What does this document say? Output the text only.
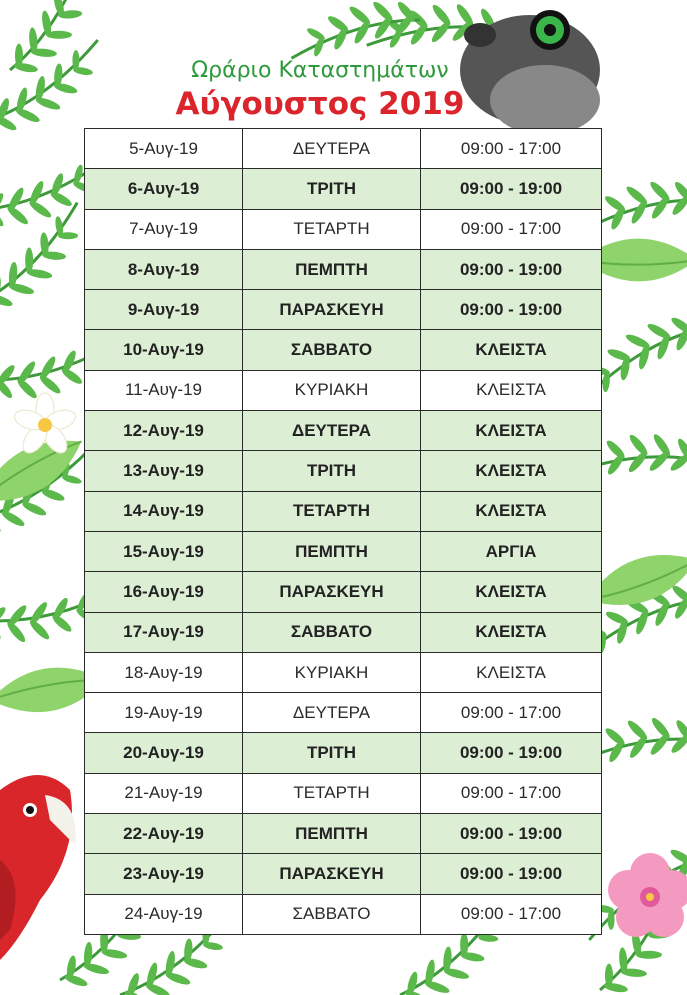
Ωράριο Καταστημάτων
Αύγουστος 2019
5-Αυγ-19	ΔΕΥΤΕΡΑ	09:00 - 17:00
6-Αυγ-19	ΤΡΙΤΗ	09:00 - 19:00
7-Αυγ-19	ΤΕΤΑΡΤΗ	09:00 - 17:00
8-Αυγ-19	ΠΕΜΠΤΗ	09:00 - 19:00
9-Αυγ-19	ΠΑΡΑΣΚΕΥΗ	09:00 - 19:00
10-Αυγ-19	ΣΑΒΒΑΤΟ	ΚΛΕΙΣΤΑ
11-Αυγ-19	ΚΥΡΙΑΚΗ	ΚΛΕΙΣΤΑ
12-Αυγ-19	ΔΕΥΤΕΡΑ	ΚΛΕΙΣΤΑ
13-Αυγ-19	ΤΡΙΤΗ	ΚΛΕΙΣΤΑ
14-Αυγ-19	ΤΕΤΑΡΤΗ	ΚΛΕΙΣΤΑ
15-Αυγ-19	ΠΕΜΠΤΗ	ΑΡΓΙΑ
16-Αυγ-19	ΠΑΡΑΣΚΕΥΗ	ΚΛΕΙΣΤΑ
17-Αυγ-19	ΣΑΒΒΑΤΟ	ΚΛΕΙΣΤΑ
18-Αυγ-19	ΚΥΡΙΑΚΗ	ΚΛΕΙΣΤΑ
19-Αυγ-19	ΔΕΥΤΕΡΑ	09:00 - 17:00
20-Αυγ-19	ΤΡΙΤΗ	09:00 - 19:00
21-Αυγ-19	ΤΕΤΑΡΤΗ	09:00 - 17:00
22-Αυγ-19	ΠΕΜΠΤΗ	09:00 - 19:00
23-Αυγ-19	ΠΑΡΑΣΚΕΥΗ	09:00 - 19:00
24-Αυγ-19	ΣΑΒΒΑΤΟ	09:00 - 17:00
